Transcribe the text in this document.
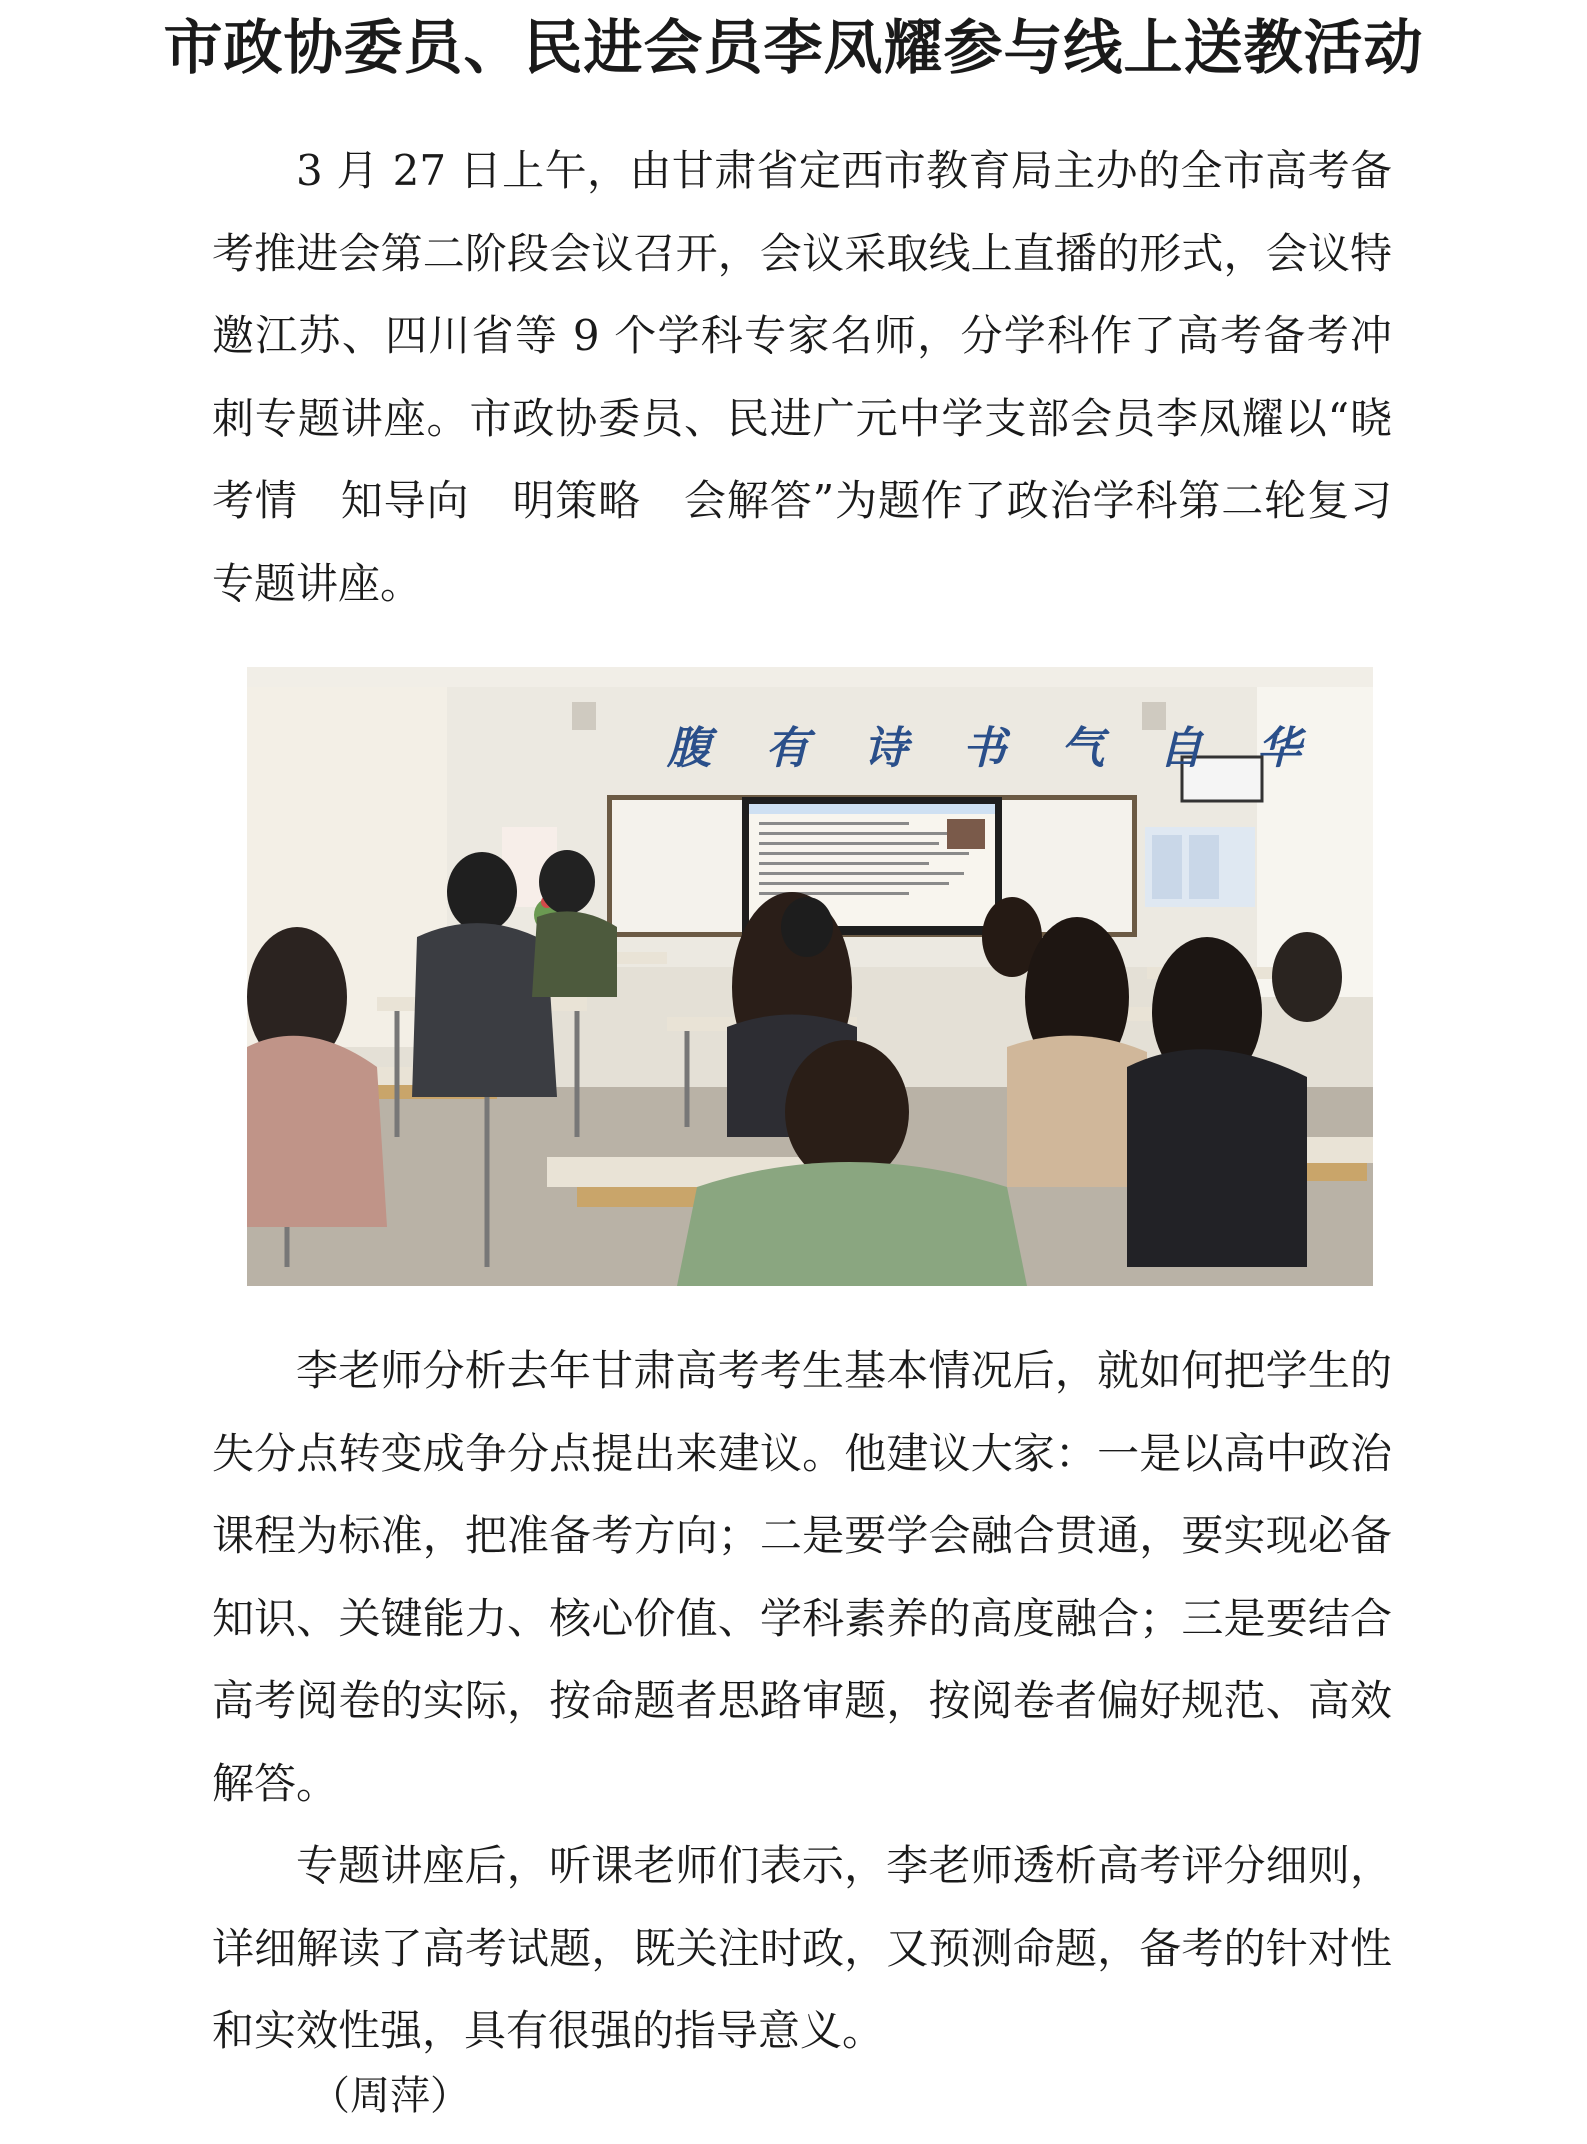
市政协委员、民进会员李凤耀参与线上送教活动

3 月 27 日上午，由甘肃省定西市教育局主办的全市高考备考推进会第二阶段会议召开，会议采取线上直播的形式，会议特邀江苏、四川省等 9 个学科专家名师，分学科作了高考备考冲刺专题讲座。市政协委员、民进广元中学支部会员李凤耀以“晓考情　知导向　明策略　会解答”为题作了政治学科第二轮复习专题讲座。

腹 有 诗 书 气 自 华

李老师分析去年甘肃高考考生基本情况后，就如何把学生的失分点转变成争分点提出来建议。他建议大家：一是以高中政治课程为标准，把准备考方向；二是要学会融合贯通，要实现必备知识、关键能力、核心价值、学科素养的高度融合；三是要结合高考阅卷的实际，按命题者思路审题，按阅卷者偏好规范、高效解答。

专题讲座后，听课老师们表示，李老师透析高考评分细则，详细解读了高考试题，既关注时政，又预测命题，备考的针对性和实效性强，具有很强的指导意义。

（周萍）
